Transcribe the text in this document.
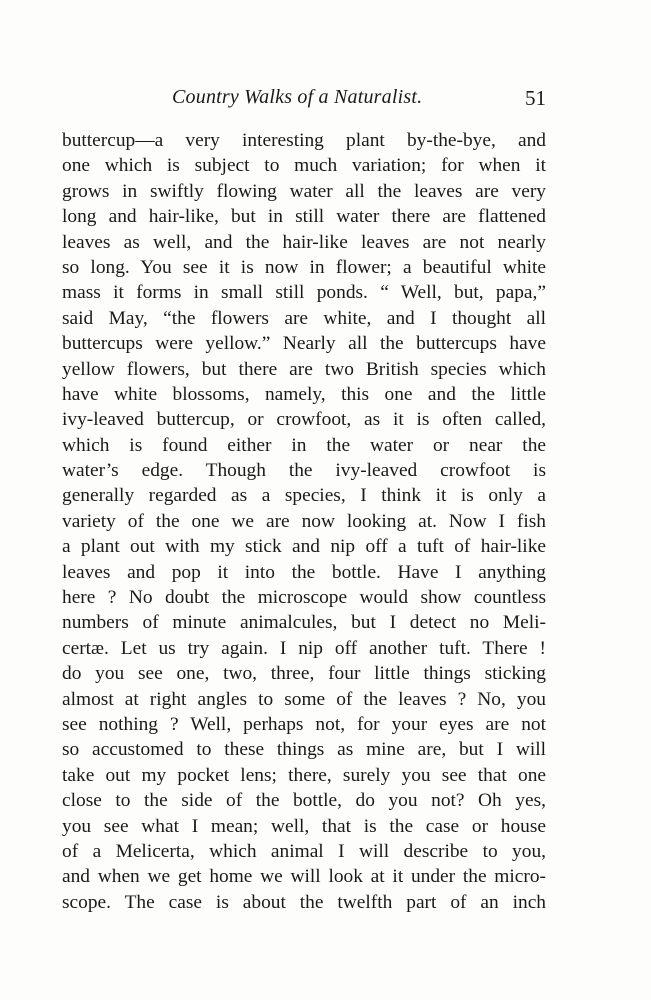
Country Walks of a Naturalist.	51
buttercup—a very interesting plant by-the-bye, and
one which is subject to much variation; for when it
grows in swiftly flowing water all the leaves are very
long and hair-like, but in still water there are flattened
leaves as well, and the hair-like leaves are not nearly
so long. You see it is now in flower; a beautiful white
mass it forms in small still ponds. “ Well, but, papa,”
said May, “the flowers are white, and I thought all
buttercups were yellow.” Nearly all the buttercups have
yellow flowers, but there are two British species which
have white blossoms, namely, this one and the little
ivy-leaved buttercup, or crowfoot, as it is often called,
which is found either in the water or near the
water’s edge. Though the ivy-leaved crowfoot is
generally regarded as a species, I think it is only a
variety of the one we are now looking at. Now I fish
a plant out with my stick and nip off a tuft of hair-like
leaves and pop it into the bottle. Have I anything
here ? No doubt the microscope would show countless
numbers of minute animalcules, but I detect no Meli-
certæ. Let us try again. I nip off another tuft. There !
do you see one, two, three, four little things sticking
almost at right angles to some of the leaves ? No, you
see nothing ? Well, perhaps not, for your eyes are not
so accustomed to these things as mine are, but I will
take out my pocket lens; there, surely you see that one
close to the side of the bottle, do you not? Oh yes,
you see what I mean; well, that is the case or house
of a Melicerta, which animal I will describe to you,
and when we get home we will look at it under the micro-
scope. The case is about the twelfth part of an inch
